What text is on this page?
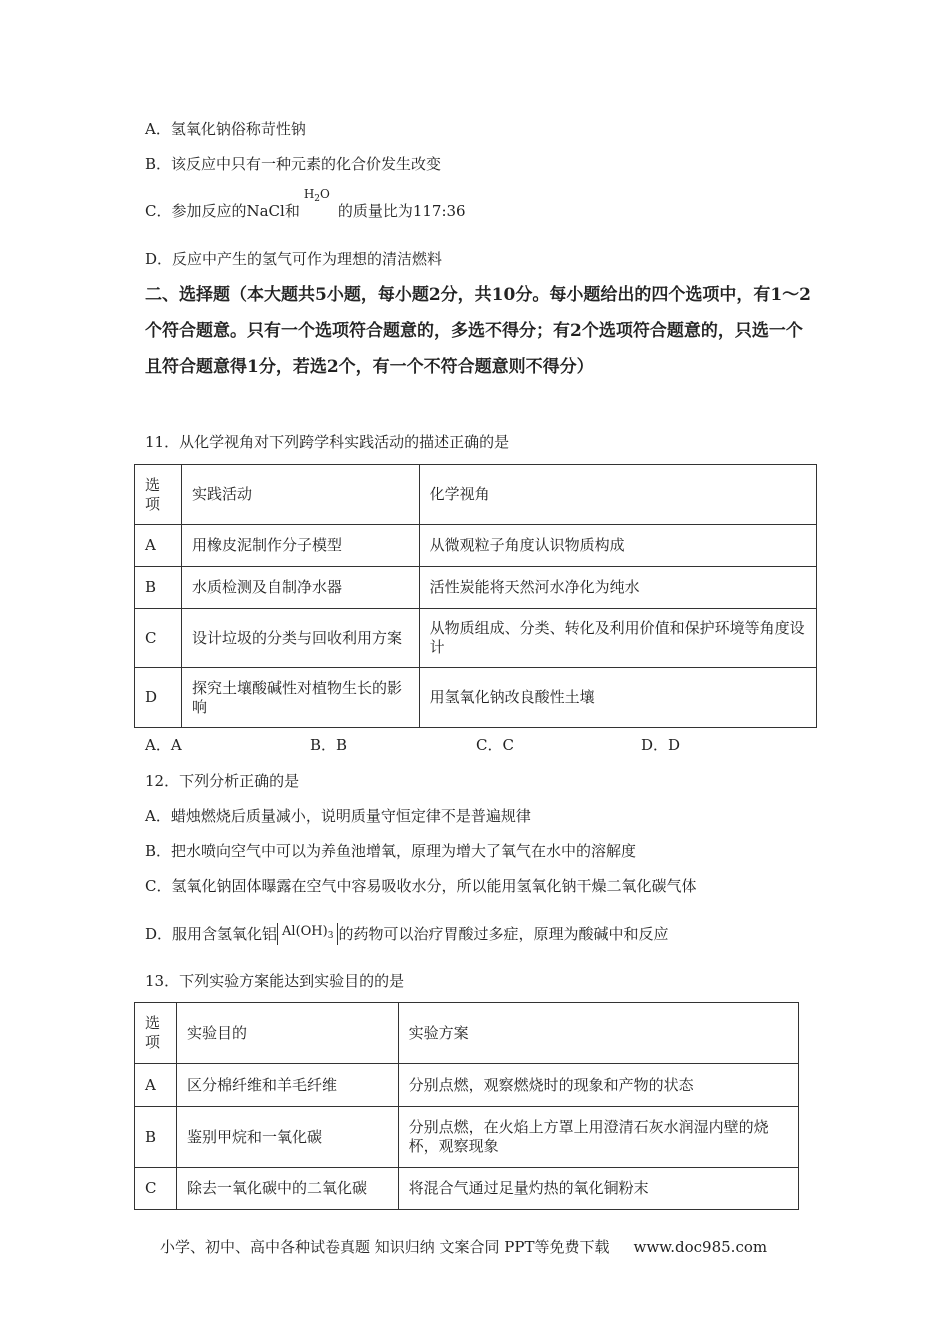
A．氢氧化钠俗称苛性钠
B．该反应中只有一种元素的化合价发生改变
C．参加反应的NaCl和
$H_2O$
的质量比为117:36
D．反应中产生的氢气可作为理想的清洁燃料
二、选择题（本大题共5小题，每小题2分，共10分。每小题给出的四个选项中，有1～2个符合题意。只有一个选项符合题意的，多选不得分；有2个选项符合题意的，只选一个且符合题意得1分，若选2个，有一个不符合题意则不得分）
11．从化学视角对下列跨学科实践活动的描述正确的是
选项	实践活动	化学视角
A	用橡皮泥制作分子模型	从微观粒子角度认识物质构成
B	水质检测及自制净水器	活性炭能将天然河水净化为纯水
C	设计垃圾的分类与回收利用方案	从物质组成、分类、转化及利用价值和保护环境等角度设计
D	探究土壤酸碱性对植物生长的影响	用氢氧化钠改良酸性土壤
A．A	B．B	C．C	D．D
12．下列分析正确的是
A．蜡烛燃烧后质量减小，说明质量守恒定律不是普遍规律
B．把水喷向空气中可以为养鱼池增氧，原理为增大了氧气在水中的溶解度
C．氢氧化钠固体曝露在空气中容易吸收水分，所以能用氢氧化钠干燥二氧化碳气体
D．服用含氢氧化铝 $Al(OH)_3$ 的药物可以治疗胃酸过多症，原理为酸碱中和反应
13．下列实验方案能达到实验目的的是
选项	实验目的	实验方案
A	区分棉纤维和羊毛纤维	分别点燃，观察燃烧时的现象和产物的状态
B	鉴别甲烷和一氧化碳	分别点燃，在火焰上方罩上用澄清石灰水润湿内壁的烧杯，观察现象
C	除去一氧化碳中的二氧化碳	将混合气通过足量灼热的氧化铜粉末
小学、初中、高中各种试卷真题 知识归纳 文案合同 PPT等免费下载 www.doc985.com
